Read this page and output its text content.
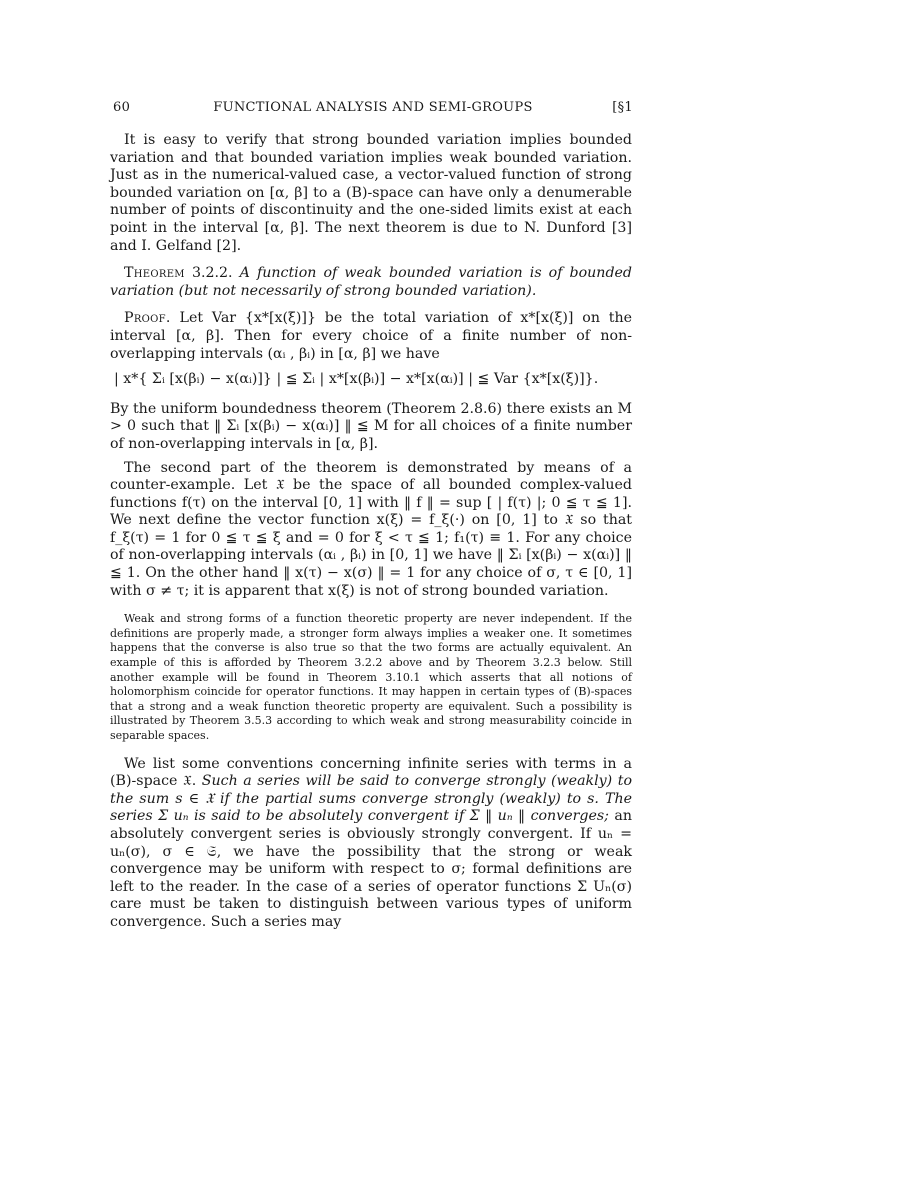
60	FUNCTIONAL ANALYSIS AND SEMI-GROUPS	[§1

It is easy to verify that strong bounded variation implies bounded variation and that bounded variation implies weak bounded variation. Just as in the numerical-valued case, a vector-valued function of strong bounded variation on [α, β] to a (B)-space can have only a denumerable number of points of discontinuity and the one-sided limits exist at each point in the interval [α, β]. The next theorem is due to N. Dunford [3] and I. Gelfand [2].

Theorem 3.2.2. A function of weak bounded variation is of bounded variation (but not necessarily of strong bounded variation).

Proof. Let Var {x*[x(ξ)]} be the total variation of x*[x(ξ)] on the interval [α, β]. Then for every choice of a finite number of non-overlapping intervals (αᵢ , βᵢ) in [α, β] we have

| x*{ Σᵢ [x(βᵢ) − x(αᵢ)]} | ≦ Σᵢ | x*[x(βᵢ)] − x*[x(αᵢ)] | ≦ Var {x*[x(ξ)]}.

By the uniform boundedness theorem (Theorem 2.8.6) there exists an M > 0 such that ‖ Σᵢ [x(βᵢ) − x(αᵢ)] ‖ ≦ M for all choices of a finite number of non-overlapping intervals in [α, β].

The second part of the theorem is demonstrated by means of a counter-example. Let 𝔛 be the space of all bounded complex-valued functions f(τ) on the interval [0, 1] with ‖ f ‖ = sup [ | f(τ) |; 0 ≦ τ ≦ 1]. We next define the vector function x(ξ) = f_ξ(·) on [0, 1] to 𝔛 so that f_ξ(τ) = 1 for 0 ≦ τ ≦ ξ and = 0 for ξ < τ ≦ 1; f₁(τ) ≡ 1. For any choice of non-overlapping intervals (αᵢ , βᵢ) in [0, 1] we have ‖ Σᵢ [x(βᵢ) − x(αᵢ)] ‖ ≦ 1. On the other hand ‖ x(τ) − x(σ) ‖ = 1 for any choice of σ, τ ∈ [0, 1] with σ ≠ τ; it is apparent that x(ξ) is not of strong bounded variation.

Weak and strong forms of a function theoretic property are never independent. If the definitions are properly made, a stronger form always implies a weaker one. It sometimes happens that the converse is also true so that the two forms are actually equivalent. An example of this is afforded by Theorem 3.2.2 above and by Theorem 3.2.3 below. Still another example will be found in Theorem 3.10.1 which asserts that all notions of holomorphism coincide for operator functions. It may happen in certain types of (B)-spaces that a strong and a weak function theoretic property are equivalent. Such a possibility is illustrated by Theorem 3.5.3 according to which weak and strong measurability coincide in separable spaces.

We list some conventions concerning infinite series with terms in a (B)-space 𝔛. Such a series will be said to converge strongly (weakly) to the sum s ∈ 𝔛 if the partial sums converge strongly (weakly) to s. The series Σ uₙ is said to be absolutely convergent if Σ ‖ uₙ ‖ converges; an absolutely convergent series is obviously strongly convergent. If uₙ = uₙ(σ), σ ∈ 𝔖, we have the possibility that the strong or weak convergence may be uniform with respect to σ; formal definitions are left to the reader. In the case of a series of operator functions Σ Uₙ(σ) care must be taken to distinguish between various types of uniform convergence. Such a series may
